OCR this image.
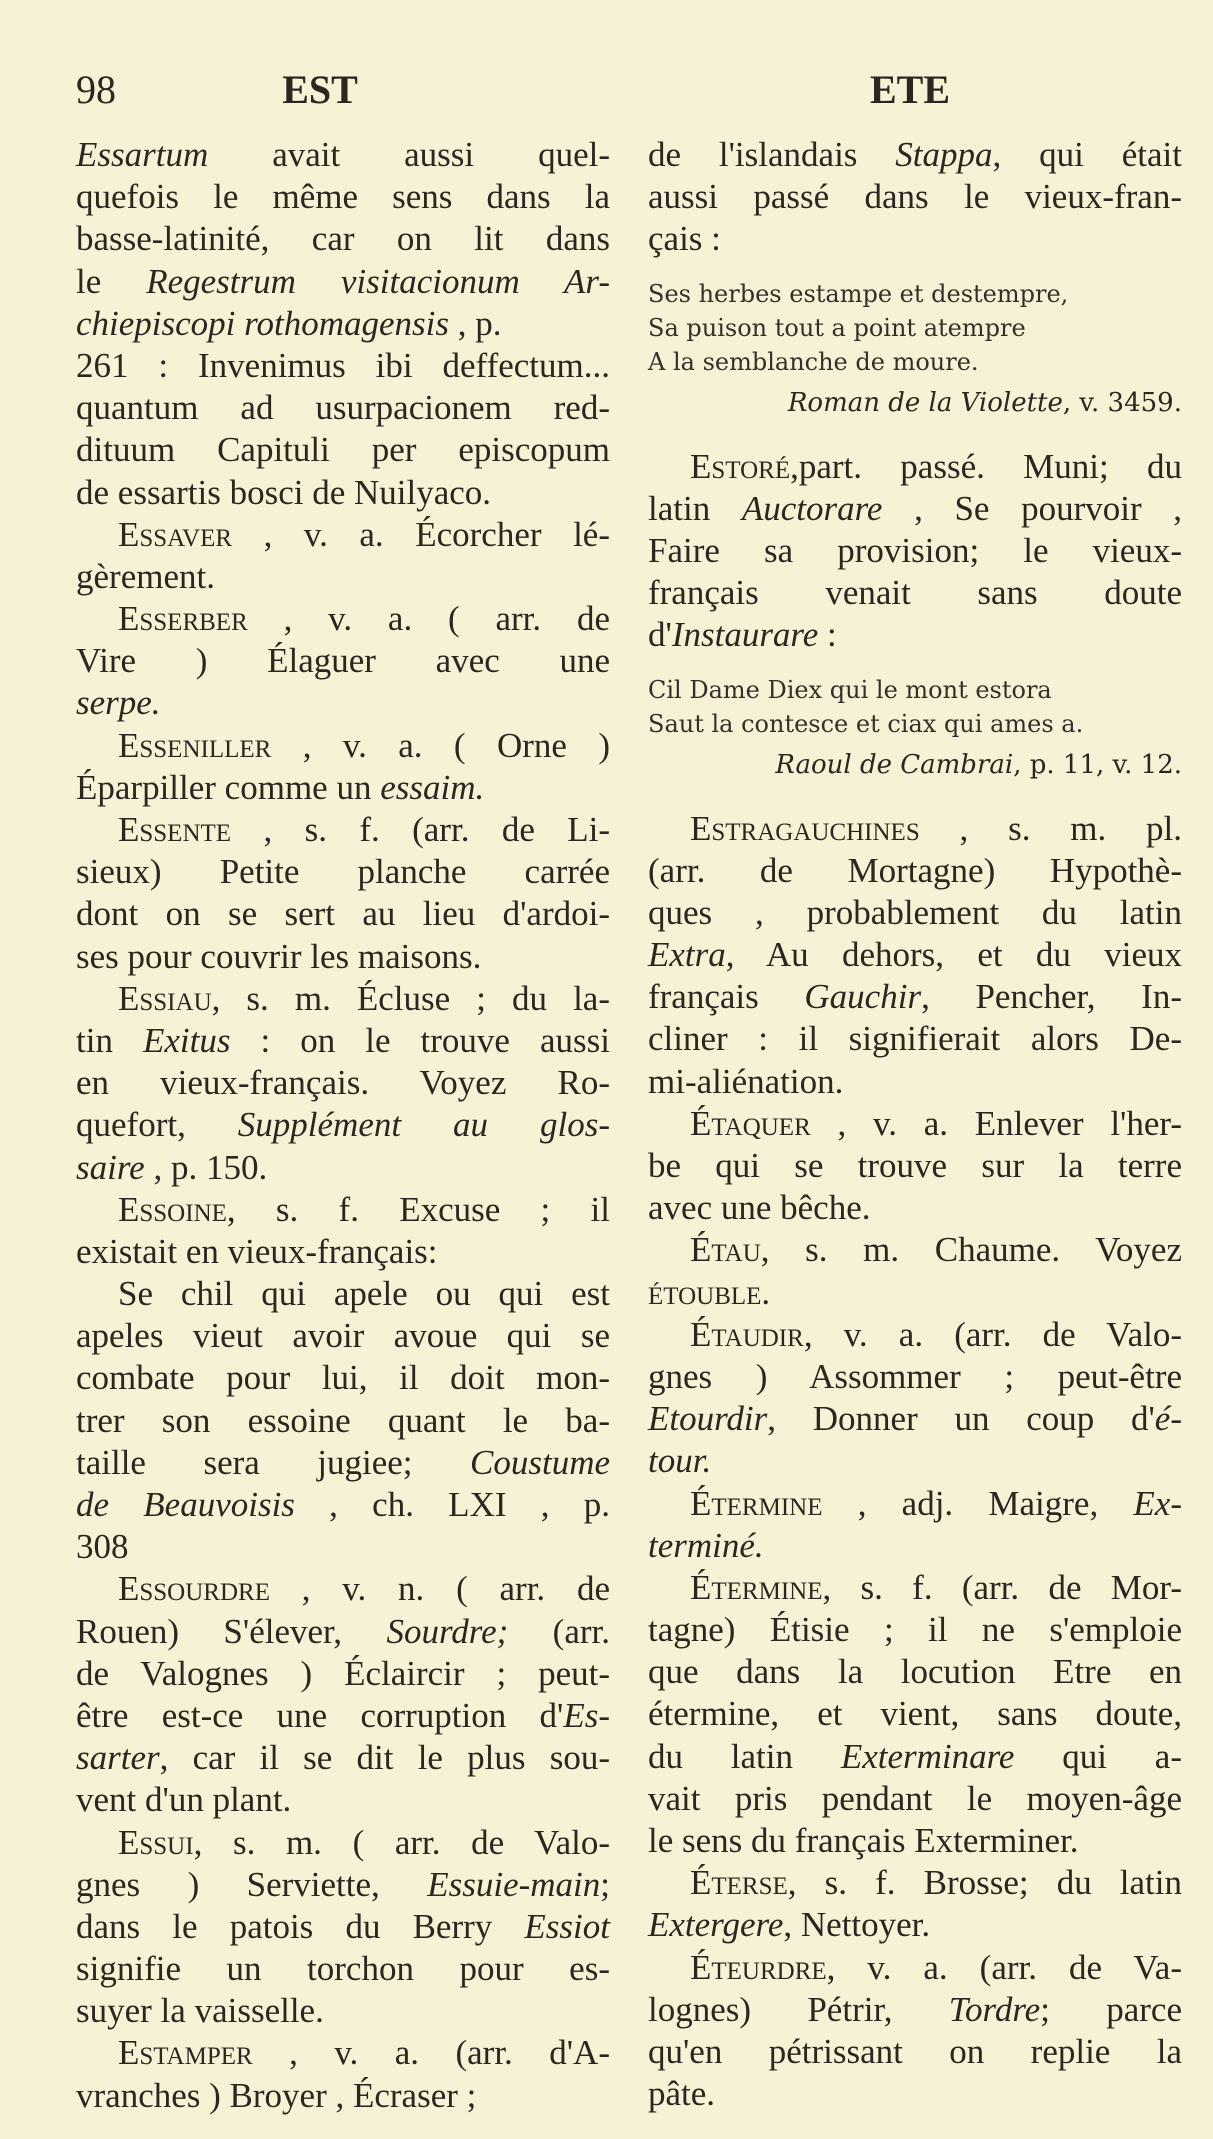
98	EST	ETE
Essartum avait aussi quel-
quefois le même sens dans la
basse-latinité, car on lit dans
le Regestrum visitacionum Ar-
chiepiscopi rothomagensis , p.
261 : Invenimus ibi deffectum...
quantum ad usurpacionem red-
dituum Capituli per episcopum
de essartis bosci de Nuilyaco.
Essaver , v. a. Écorcher lé-
gèrement.
Esserber , v. a. ( arr. de
Vire ) Élaguer avec une
serpe.
Esseniller , v. a. ( Orne )
Éparpiller comme un essaim.
Essente , s. f. (arr. de Li-
sieux) Petite planche carrée
dont on se sert au lieu d'ardoi-
ses pour couvrir les maisons.
Essiau, s. m. Écluse ; du la-
tin Exitus : on le trouve aussi
en vieux-français. Voyez Ro-
quefort, Supplément au glos-
saire , p. 150.
Essoine, s. f. Excuse ; il
existait en vieux-français:
Se chil qui apele ou qui est
apeles vieut avoir avoue qui se
combate pour lui, il doit mon-
trer son essoine quant le ba-
taille sera jugiee; Coustume
de Beauvoisis , ch. LXI , p.
308
Essourdre , v. n. ( arr. de
Rouen) S'élever, Sourdre; (arr.
de Valognes ) Éclaircir ; peut-
être est-ce une corruption d'Es-
sarter, car il se dit le plus sou-
vent d'un plant.
Essui, s. m. ( arr. de Valo-
gnes ) Serviette, Essuie-main;
dans le patois du Berry Essiot
signifie un torchon pour es-
suyer la vaisselle.
Estamper , v. a. (arr. d'A-
vranches ) Broyer , Écraser ;
de l'islandais Stappa, qui était
aussi passé dans le vieux-fran-
çais :
Ses herbes estampe et destempre,
Sa puison tout a point atempre
A la semblanche de moure.
Roman de la Violette, v. 3459.
Estoré,part. passé. Muni; du
latin Auctorare , Se pourvoir ,
Faire sa provision; le vieux-
français venait sans doute
d'Instaurare :
Cil Dame Diex qui le mont estora
Saut la contesce et ciax qui ames a.
Raoul de Cambrai, p. 11, v. 12.
Estragauchines , s. m. pl.
(arr. de Mortagne) Hypothè-
ques , probablement du latin
Extra, Au dehors, et du vieux
français Gauchir, Pencher, In-
cliner : il signifierait alors De-
mi-aliénation.
Étaquer , v. a. Enlever l'her-
be qui se trouve sur la terre
avec une bêche.
Étau, s. m. Chaume. Voyez
étouble.
Étaudir, v. a. (arr. de Valo-
gnes ) Assommer ; peut-être
Etourdir, Donner un coup d'é-
tour.
Étermine , adj. Maigre, Ex-
terminé.
Étermine, s. f. (arr. de Mor-
tagne) Étisie ; il ne s'emploie
que dans la locution Etre en
étermine, et vient, sans doute,
du latin Exterminare qui a-
vait pris pendant le moyen-âge
le sens du français Exterminer.
Éterse, s. f. Brosse; du latin
Extergere, Nettoyer.
Éteurdre, v. a. (arr. de Va-
lognes) Pétrir, Tordre; parce
qu'en pétrissant on replie la
pâte.
